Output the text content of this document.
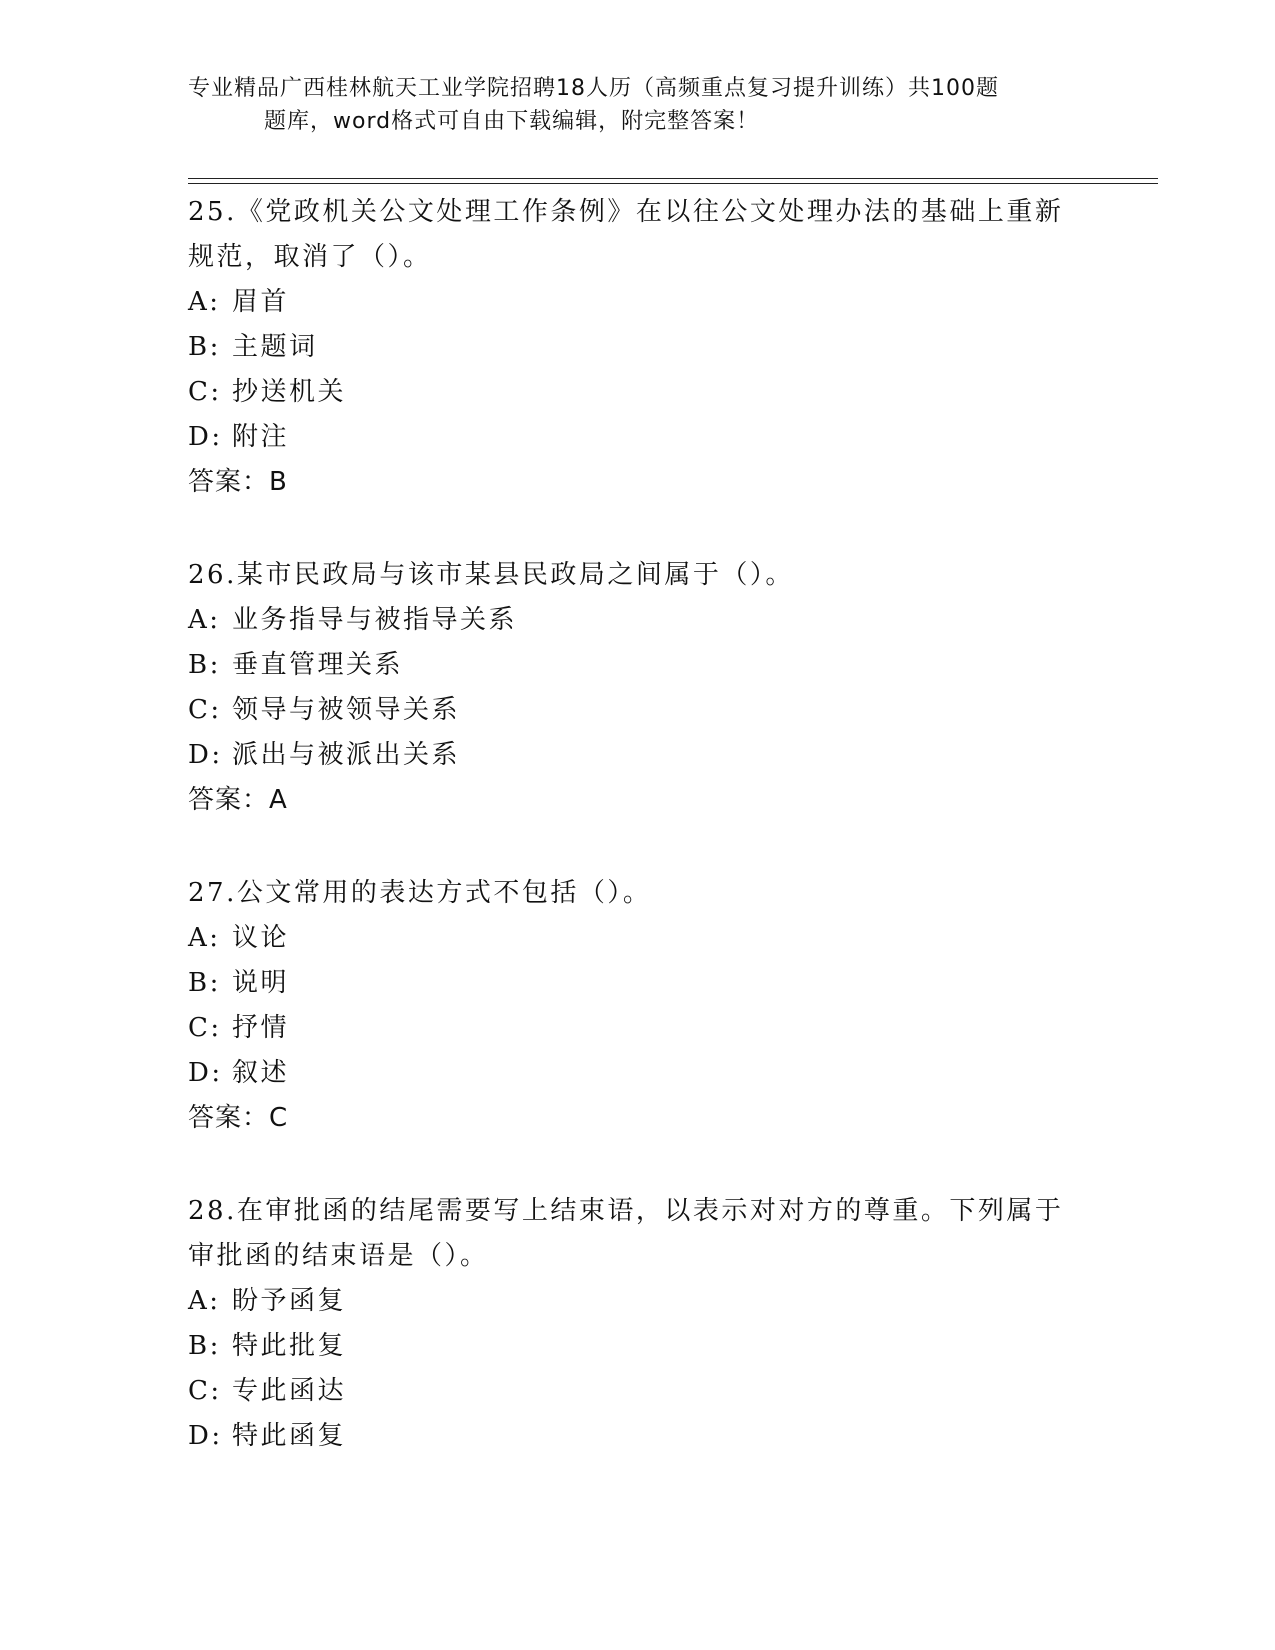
专业精品广西桂林航天工业学院招聘18人历（高频重点复习提升训练）共100题
题库，word格式可自由下载编辑，附完整答案！

25.《党政机关公文处理工作条例》在以往公文处理办法的基础上重新规范，取消了（）。

A: 眉首

B: 主题词

C: 抄送机关

D: 附注

答案：B

26.某市民政局与该市某县民政局之间属于（）。

A: 业务指导与被指导关系

B: 垂直管理关系

C: 领导与被领导关系

D: 派出与被派出关系

答案：A

27.公文常用的表达方式不包括（）。

A: 议论

B: 说明

C: 抒情

D: 叙述

答案：C

28.在审批函的结尾需要写上结束语，以表示对对方的尊重。下列属于审批函的结束语是（）。

A: 盼予函复

B: 特此批复

C: 专此函达

D: 特此函复
